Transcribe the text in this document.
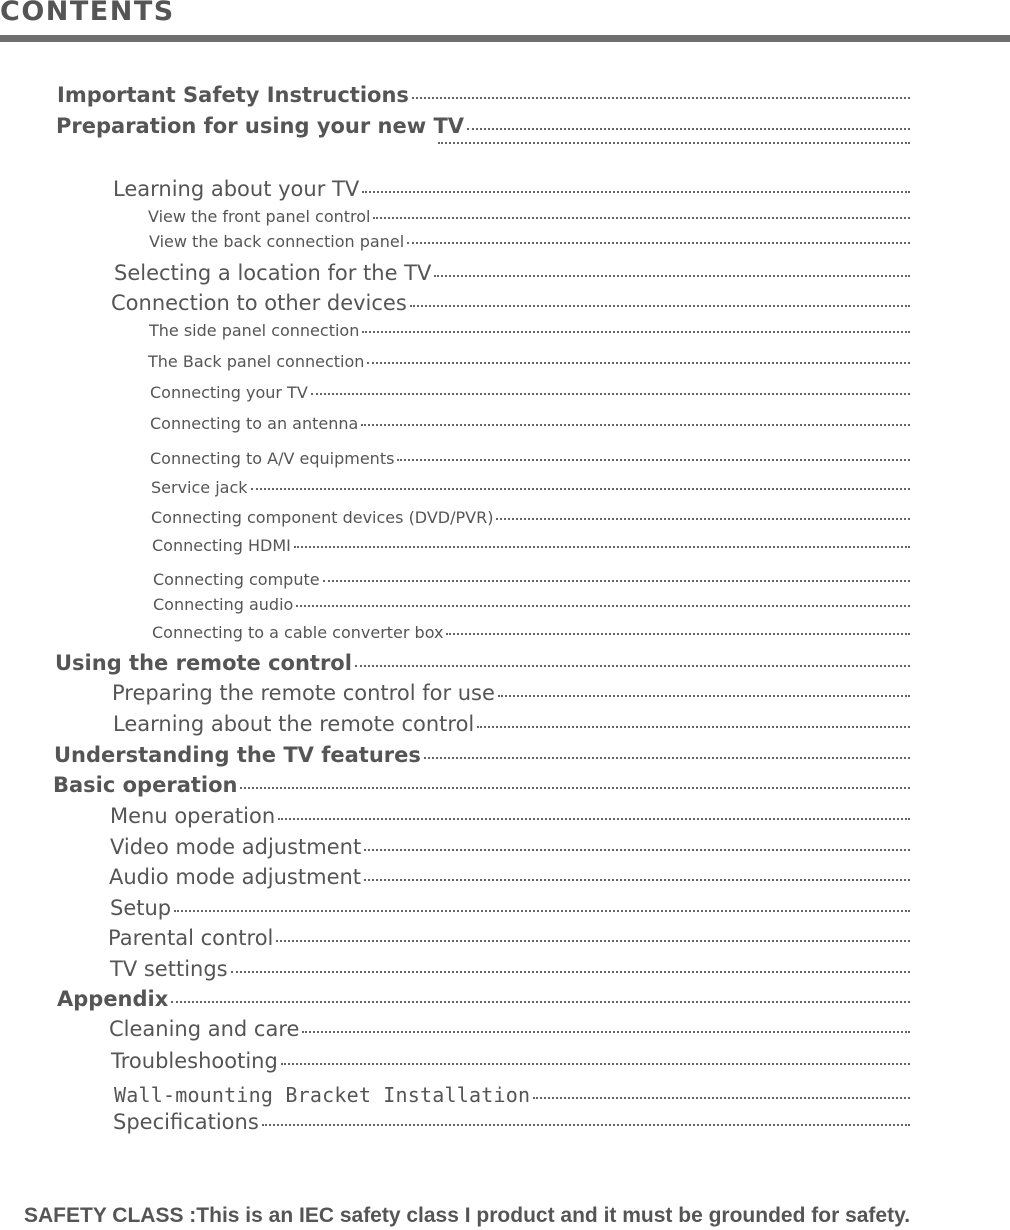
CONTENTS
Important Safety Instructions
Preparation for using your new TV
Learning about your TV
View the front panel control
View the back connection panel
Selecting a location for the TV
Connection to other devices
The side panel connection
The Back panel connection
Connecting your TV
Connecting to an antenna
Connecting to A/V equipments
Service jack
Connecting component devices (DVD/PVR)
Connecting HDMI
Connecting compute
Connecting audio
Connecting to a cable converter box
Using the remote control
Preparing the remote control for use
Learning about the remote control
Understanding the TV features
Basic operation
Menu operation
Video mode adjustment
Audio mode adjustment
Setup
Parental control
TV settings
Appendix
Cleaning and care
Troubleshooting
Wall-mounting Bracket Installation
Specifications
SAFETY CLASS :This is an IEC safety class I product and it must be grounded for safety.
